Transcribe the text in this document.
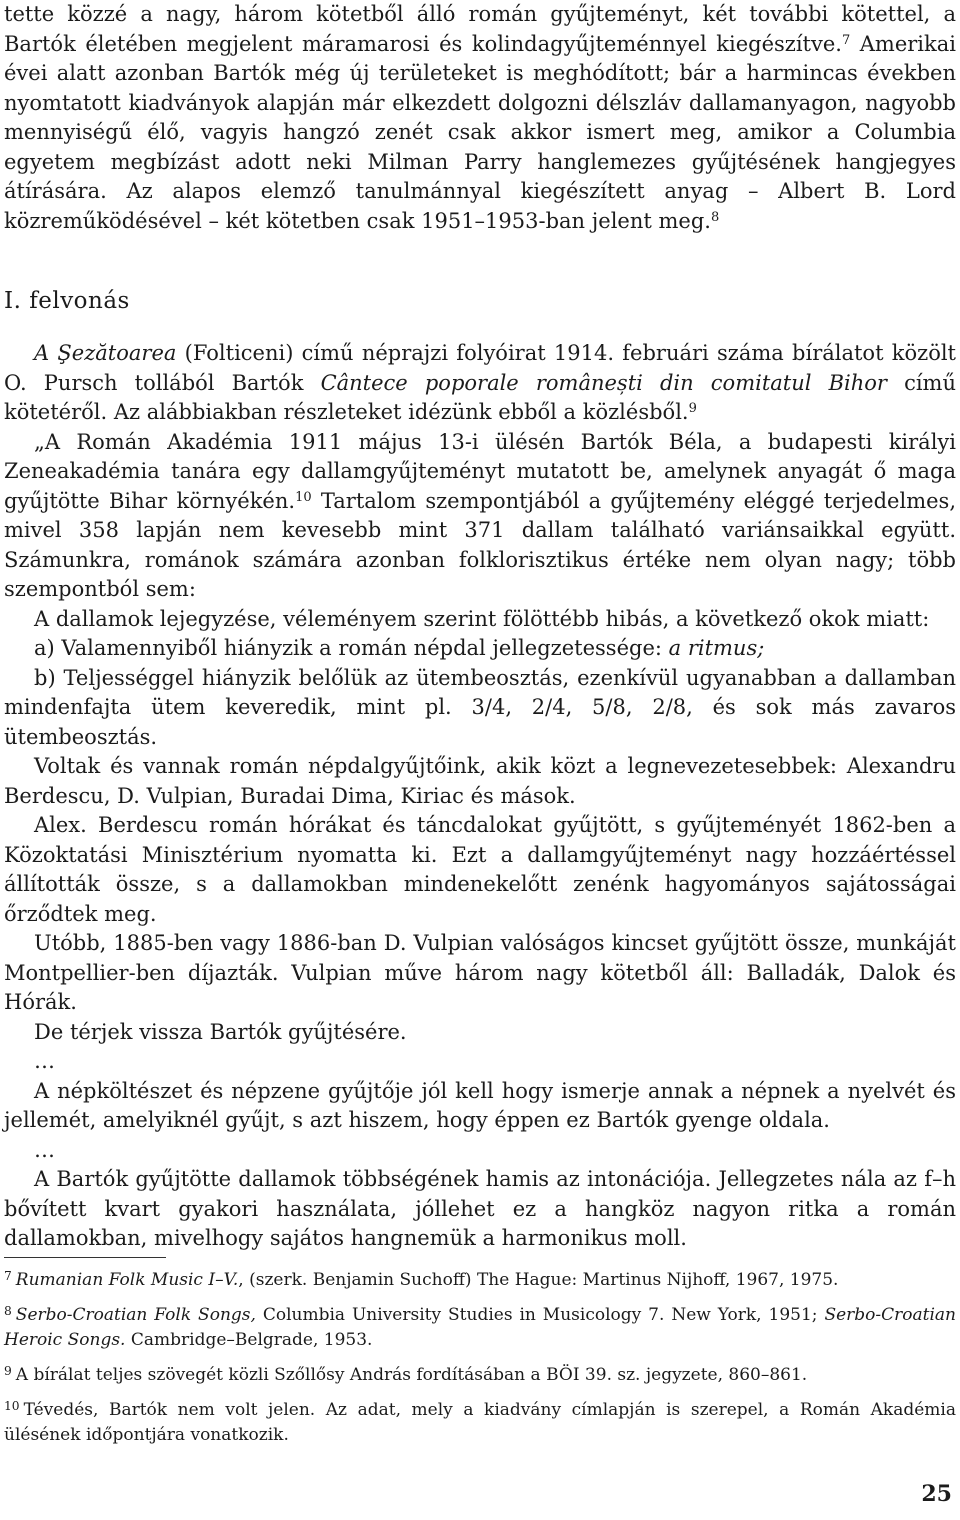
tette közzé a nagy, három kötetből álló román gyűjteményt, két további kötettel, a Bartók életében megjelent máramarosi és kolindagyűjteménnyel kiegészítve.$^7$ Amerikai évei alatt azonban Bartók még új területeket is meghódított; bár a harmincas években nyomtatott kiadványok alapján már elkezdett dolgozni délszláv dallamanyagon, nagyobb mennyiségű élő, vagyis hangzó zenét csak akkor ismert meg, amikor a Columbia egyetem megbízást adott neki Milman Parry hanglemezes gyűjtésének hangjegyes átírására. Az alapos elemző tanulmánnyal kiegészített anyag – Albert B. Lord közreműködésével – két kötetben csak 1951–1953-ban jelent meg.$^8$

I. felvonás

A Şezătoarea (Folticeni) című néprajzi folyóirat 1914. februári száma bírálatot közölt O. Pursch tollából Bartók Cântece poporale românești din comitatul Bihor című kötetéről. Az alábbiakban részleteket idézünk ebből a közlésből.$^9$

„A Román Akadémia 1911 május 13-i ülésén Bartók Béla, a budapesti királyi Zeneakadémia tanára egy dallamgyűjteményt mutatott be, amelynek anyagát ő maga gyűjtötte Bihar környékén.$^{10}$ Tartalom szempontjából a gyűjtemény eléggé terjedelmes, mivel 358 lapján nem kevesebb mint 371 dallam található variánsaikkal együtt. Számunkra, románok számára azonban folklorisztikus értéke nem olyan nagy; több szempontból sem:

A dallamok lejegyzése, véleményem szerint fölöttébb hibás, a következő okok miatt:

a) Valamennyiből hiányzik a román népdal jellegzetessége: a ritmus;

b) Teljességgel hiányzik belőlük az ütembeosztás, ezenkívül ugyanabban a dallamban mindenfajta ütem keveredik, mint pl. 3/4, 2/4, 5/8, 2/8, és sok más zavaros ütembeosztás.

Voltak és vannak román népdalgyűjtőink, akik közt a legnevezetesebbek: Alexandru Berdescu, D. Vulpian, Buradai Dima, Kiriac és mások.

Alex. Berdescu román hórákat és táncdalokat gyűjtött, s gyűjteményét 1862-ben a Közoktatási Minisztérium nyomatta ki. Ezt a dallamgyűjteményt nagy hozzáértéssel állították össze, s a dallamokban mindenekelőtt zenénk hagyományos sajátosságai őrződtek meg.

Utóbb, 1885-ben vagy 1886-ban D. Vulpian valóságos kincset gyűjtött össze, munkáját Montpellier-ben díjazták. Vulpian műve három nagy kötetből áll: Balladák, Dalok és Hórák.

De térjek vissza Bartók gyűjtésére.

…

A népköltészet és népzene gyűjtője jól kell hogy ismerje annak a népnek a nyelvét és jellemét, amelyiknél gyűjt, s azt hiszem, hogy éppen ez Bartók gyenge oldala.

…

A Bartók gyűjtötte dallamok többségének hamis az intonációja. Jellegzetes nála az f–h bővített kvart gyakori használata, jóllehet ez a hangköz nagyon ritka a román dallamokban, mivelhogy sajátos hangnemük a harmonikus moll.

$^7$ Rumanian Folk Music I–V., (szerk. Benjamin Suchoff) The Hague: Martinus Nijhoff, 1967, 1975.

$^8$ Serbo-Croatian Folk Songs, Columbia University Studies in Musicology 7. New York, 1951; Serbo-Croatian Heroic Songs. Cambridge–Belgrade, 1953.

$^9$ A bírálat teljes szövegét közli Szőllősy András fordításában a BÖI 39. sz. jegyzete, 860–861.

$^{10}$ Tévedés, Bartók nem volt jelen. Az adat, mely a kiadvány címlapján is szerepel, a Román Akadémia ülésének időpontjára vonatkozik.

25
